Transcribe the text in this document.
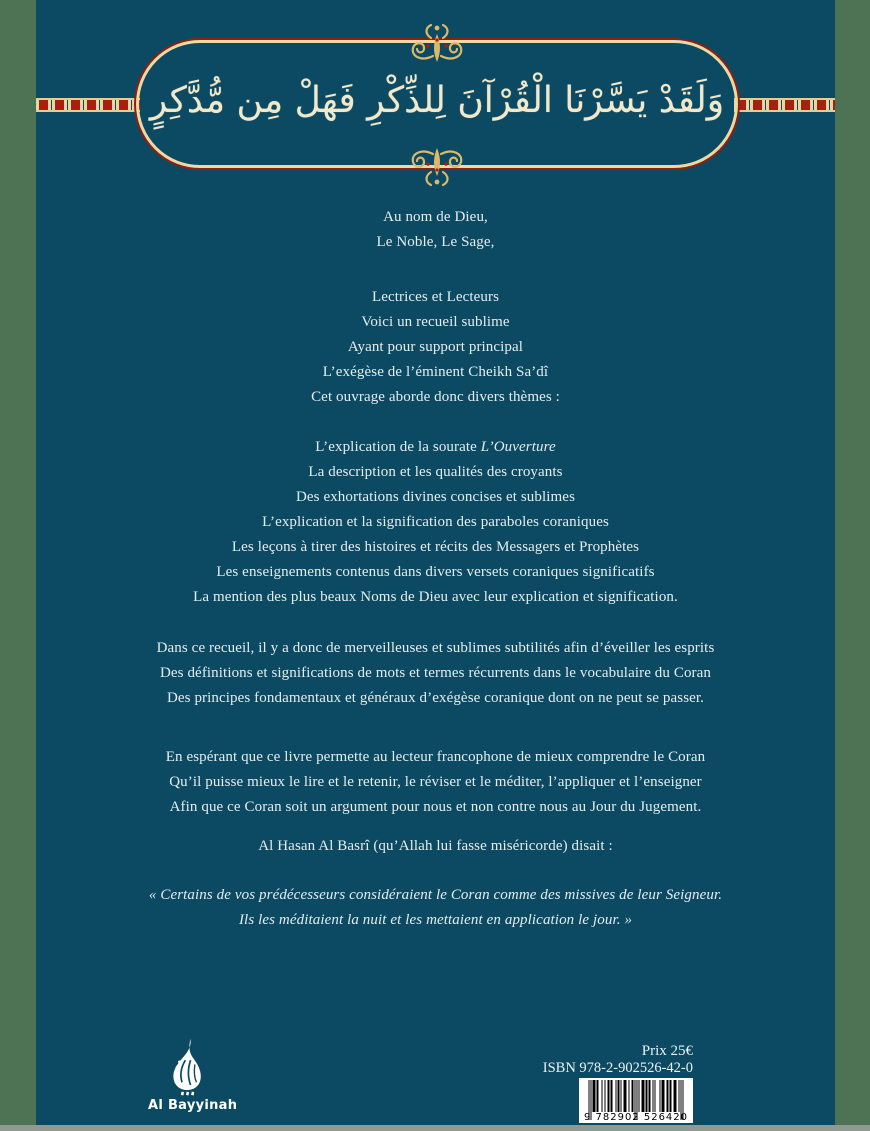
وَلَقَدْ يَسَّرْنَا الْقُرْآنَ لِلذِّكْرِ فَهَلْ مِن مُّدَّكِرٍ
Au nom de Dieu,
Le Noble, Le Sage,
Lectrices et Lecteurs
Voici un recueil sublime
Ayant pour support principal
L’exégèse de l’éminent Cheikh Sa’dî
Cet ouvrage aborde donc divers thèmes :
L’explication de la sourate L’Ouverture
La description et les qualités des croyants
Des exhortations divines concises et sublimes
L’explication et la signification des paraboles coraniques
Les leçons à tirer des histoires et récits des Messagers et Prophètes
Les enseignements contenus dans divers versets coraniques significatifs
La mention des plus beaux Noms de Dieu avec leur explication et signification.
Dans ce recueil, il y a donc de merveilleuses et sublimes subtilités afin d’éveiller les esprits
Des définitions et significations de mots et termes récurrents dans le vocabulaire du Coran
Des principes fondamentaux et généraux d’exégèse coranique dont on ne peut se passer.
En espérant que ce livre permette au lecteur francophone de mieux comprendre le Coran
Qu’il puisse mieux le lire et le retenir, le réviser et le méditer, l’appliquer et l’enseigner
Afin que ce Coran soit un argument pour nous et non contre nous au Jour du Jugement.
Al Hasan Al Basrî (qu’Allah lui fasse miséricorde) disait :
« Certains de vos prédécesseurs considéraient le Coran comme des missives de leur Seigneur.
Ils les méditaient la nuit et les mettaient en application le jour. »
Al Bayyinah
Prix 25€
ISBN 978-2-902526-42-0
9 782902 526420
